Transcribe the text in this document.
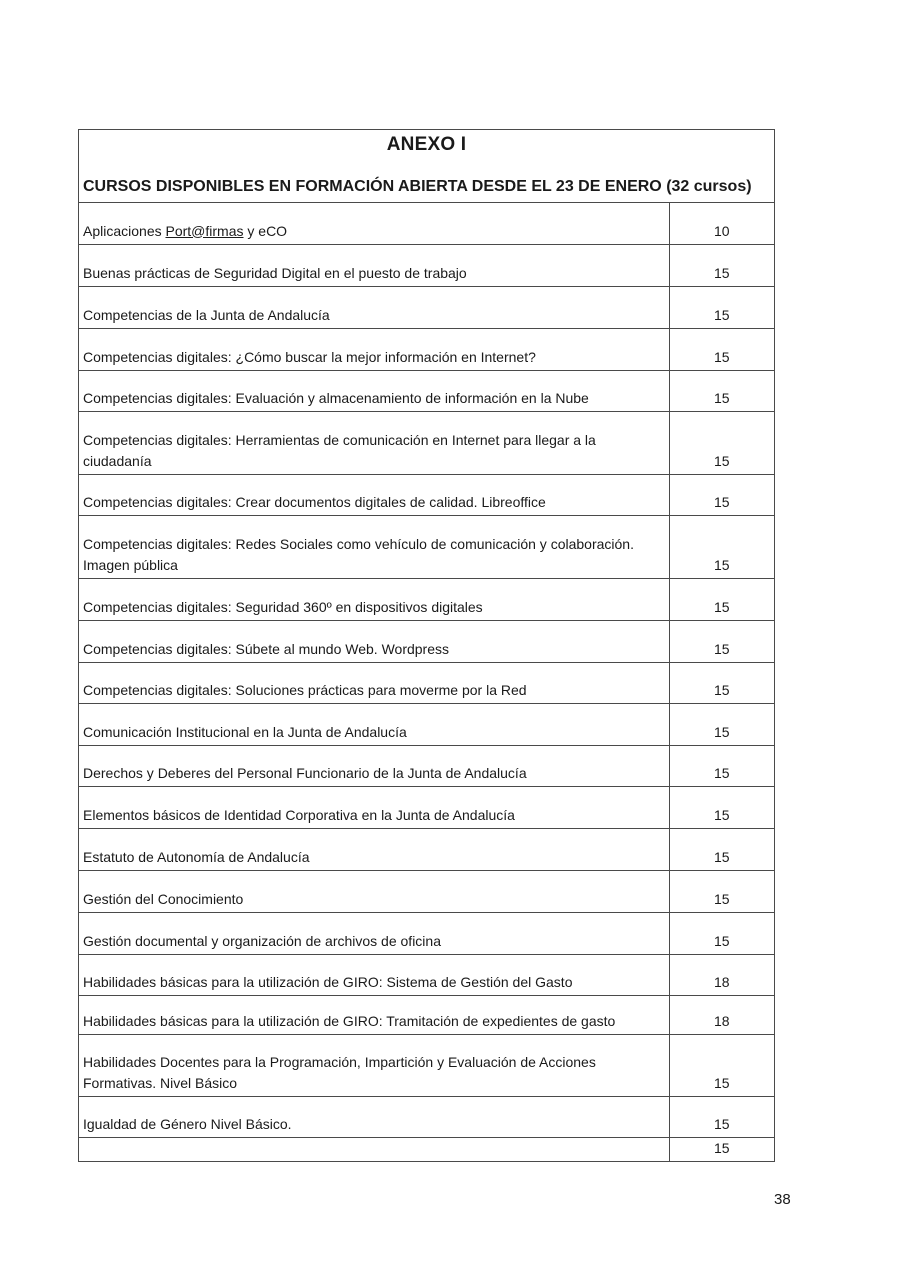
ANEXO I
CURSOS DISPONIBLES EN FORMACIÓN ABIERTA DESDE EL 23 DE ENERO (32 cursos)
Aplicaciones Port@firmas y eCO	10
Buenas prácticas de Seguridad Digital en el puesto de trabajo	15
Competencias de la Junta de Andalucía	15
Competencias digitales: ¿Cómo buscar la mejor información en Internet?	15
Competencias digitales: Evaluación y almacenamiento de información en la Nube	15
Competencias digitales: Herramientas de comunicación en Internet para llegar a la ciudadanía	15
Competencias digitales: Crear documentos digitales de calidad. Libreoffice	15
Competencias digitales: Redes Sociales como vehículo de comunicación y colaboración. Imagen pública	15
Competencias digitales: Seguridad 360º en dispositivos digitales	15
Competencias digitales: Súbete al mundo Web. Wordpress	15
Competencias digitales: Soluciones prácticas para moverme por la Red	15
Comunicación Institucional en la Junta de Andalucía	15
Derechos y Deberes del Personal Funcionario de la Junta de Andalucía	15
Elementos básicos de Identidad Corporativa en la Junta de Andalucía	15
Estatuto de Autonomía de Andalucía	15
Gestión del Conocimiento	15
Gestión documental y organización de archivos de oficina	15
Habilidades básicas para la utilización de GIRO: Sistema de Gestión del Gasto	18
Habilidades básicas para la utilización de GIRO: Tramitación de expedientes de gasto	18
Habilidades Docentes para la Programación, Impartición y Evaluación de Acciones Formativas. Nivel Básico	15
Igualdad de Género Nivel Básico.	15
	15
38
